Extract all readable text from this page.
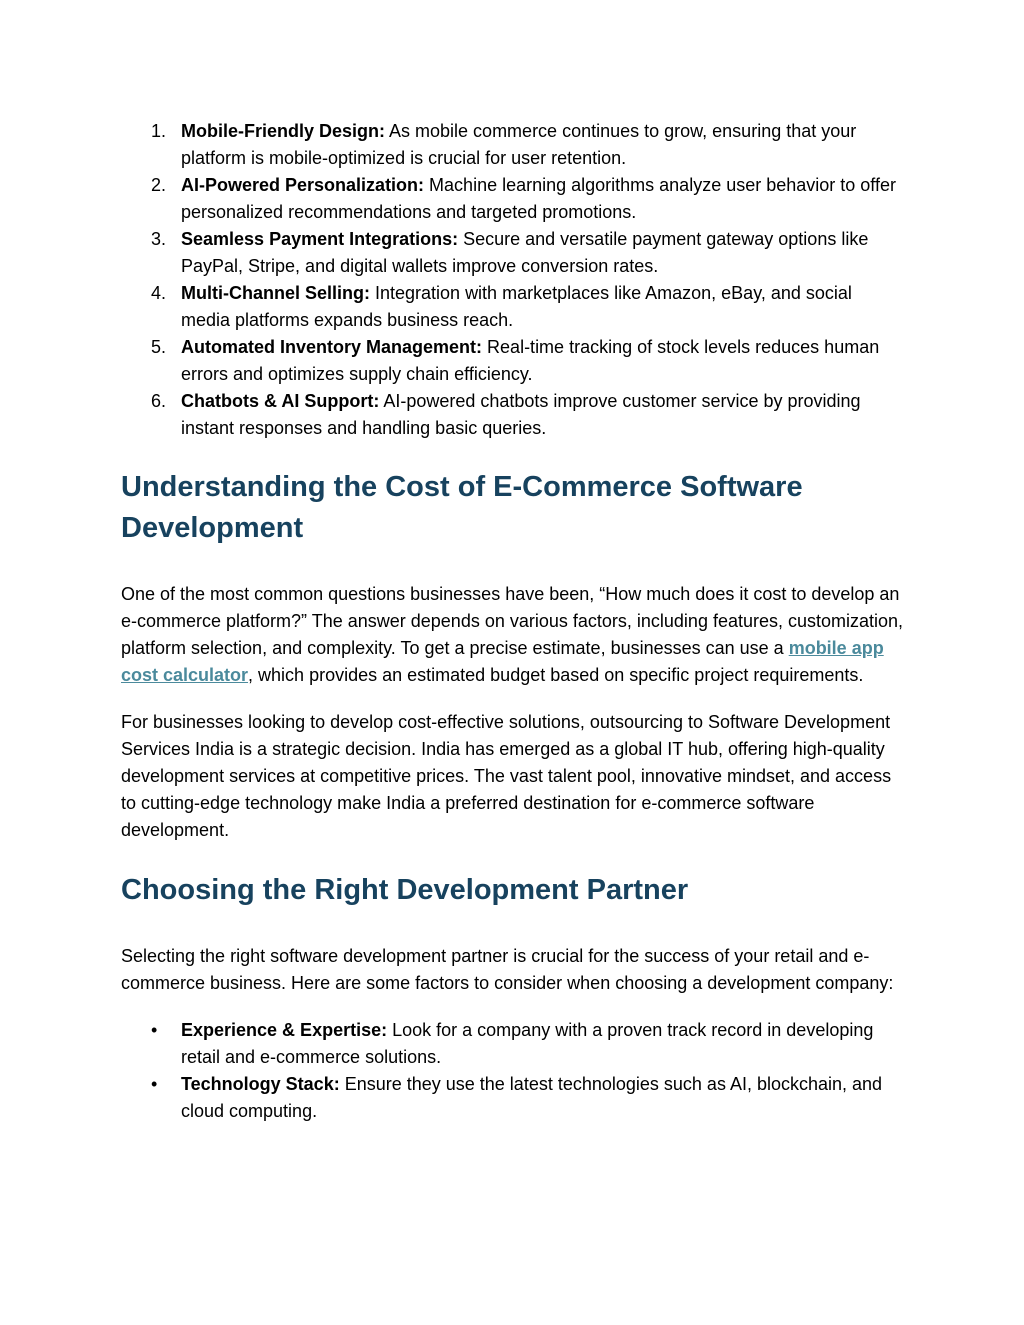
1. Mobile-Friendly Design: As mobile commerce continues to grow, ensuring that your platform is mobile-optimized is crucial for user retention.
2. AI-Powered Personalization: Machine learning algorithms analyze user behavior to offer personalized recommendations and targeted promotions.
3. Seamless Payment Integrations: Secure and versatile payment gateway options like PayPal, Stripe, and digital wallets improve conversion rates.
4. Multi-Channel Selling: Integration with marketplaces like Amazon, eBay, and social media platforms expands business reach.
5. Automated Inventory Management: Real-time tracking of stock levels reduces human errors and optimizes supply chain efficiency.
6. Chatbots & AI Support: AI-powered chatbots improve customer service by providing instant responses and handling basic queries.
Understanding the Cost of E-Commerce Software Development

One of the most common questions businesses have been, “How much does it cost to develop an e-commerce platform?” The answer depends on various factors, including features, customization, platform selection, and complexity. To get a precise estimate, businesses can use a mobile app cost calculator, which provides an estimated budget based on specific project requirements.

For businesses looking to develop cost-effective solutions, outsourcing to Software Development Services India is a strategic decision. India has emerged as a global IT hub, offering high-quality development services at competitive prices. The vast talent pool, innovative mindset, and access to cutting-edge technology make India a preferred destination for e-commerce software development.

Choosing the Right Development Partner

Selecting the right software development partner is crucial for the success of your retail and e-commerce business. Here are some factors to consider when choosing a development company:

• Experience & Expertise: Look for a company with a proven track record in developing retail and e-commerce solutions.
• Technology Stack: Ensure they use the latest technologies such as AI, blockchain, and cloud computing.
